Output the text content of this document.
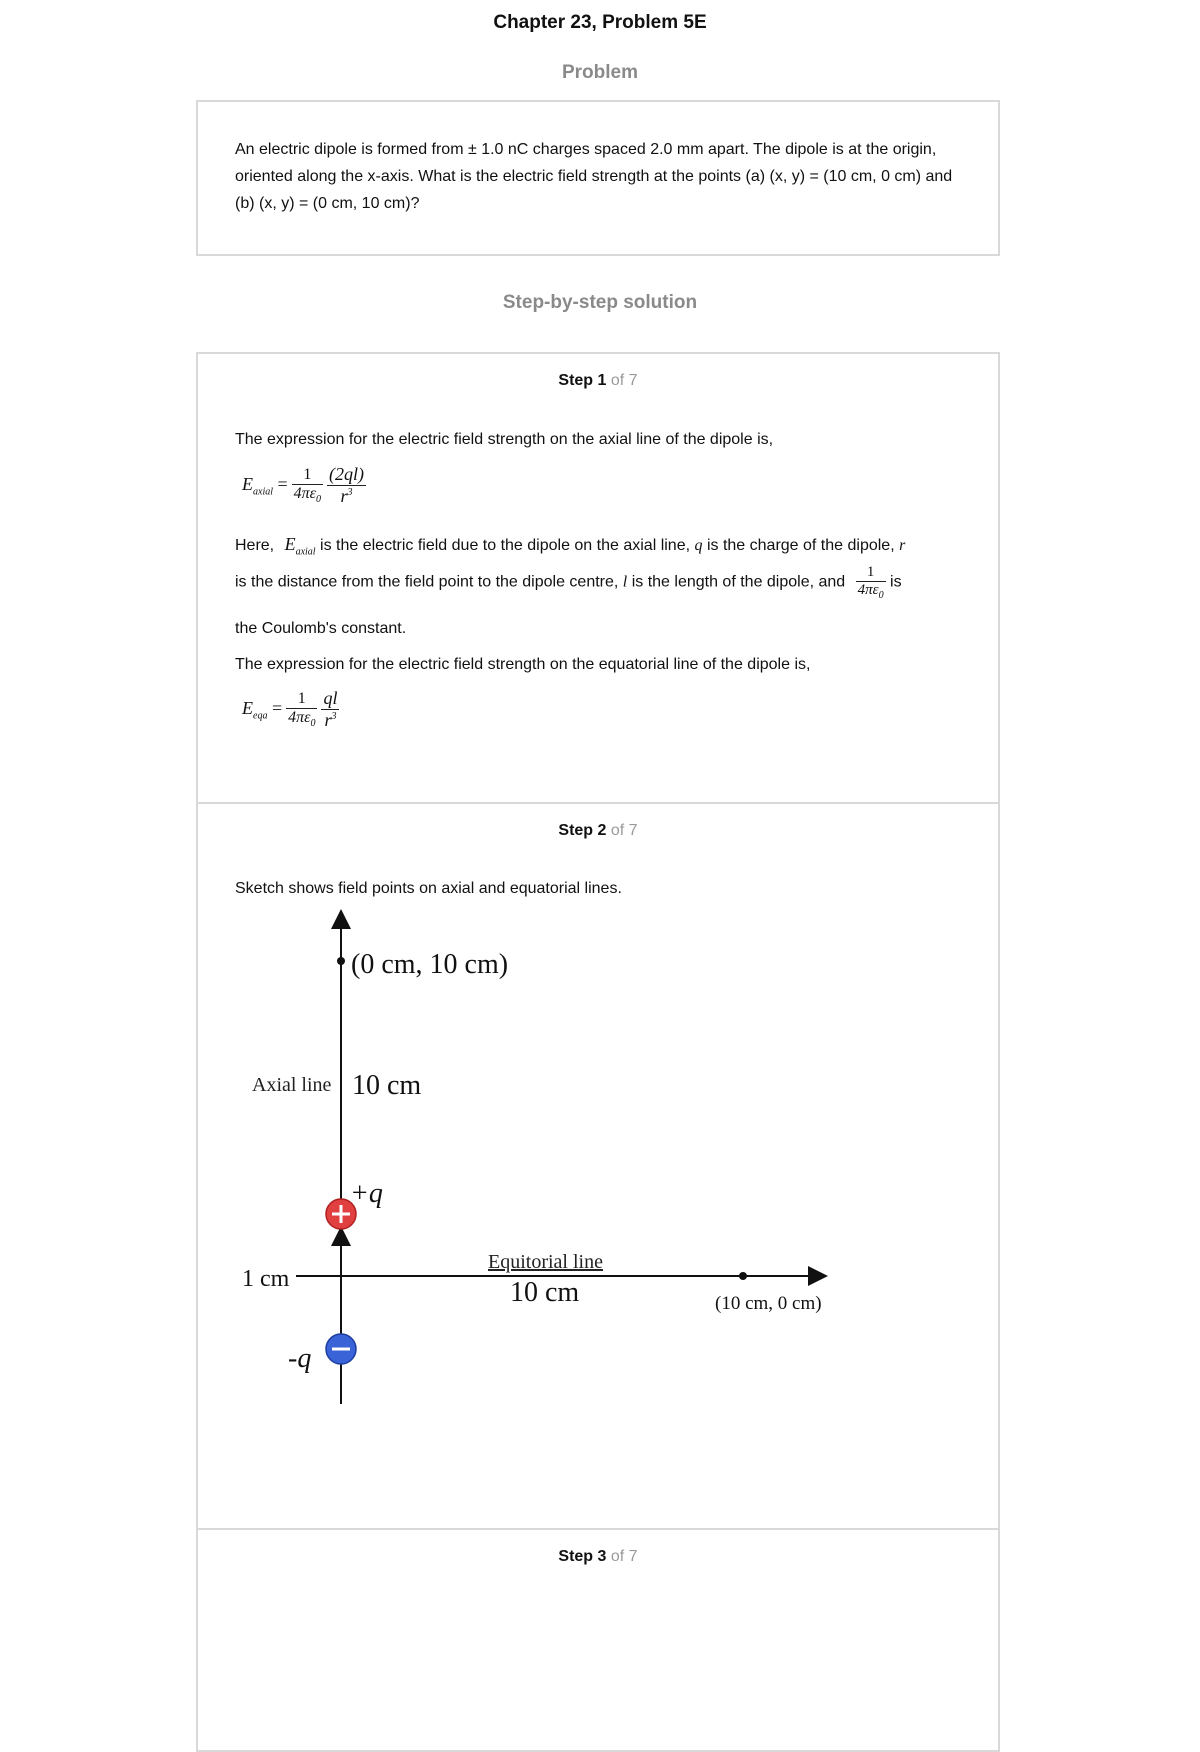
Chapter 23, Problem 5E
Problem
An electric dipole is formed from ± 1.0 nC charges spaced 2.0 mm apart. The dipole is at the origin, oriented along the x-axis. What is the electric field strength at the points (a) (x, y) = (10 cm, 0 cm) and (b) (x, y) = (0 cm, 10 cm)?
Step-by-step solution
Step 1 of 7
The expression for the electric field strength on the axial line of the dipole is,
$E_{axial} = \frac{1}{4\pi\varepsilon_0}$
$\frac{(2ql)}{r^3}$
Here, $E_{axial}$ is the electric field due to the dipole on the axial line, q is the charge of the dipole, r
is the distance from the field point to the dipole centre, l is the length of the dipole, and $\frac{1}{4\pi\varepsilon_0}$ is
the Coulomb's constant.
The expression for the electric field strength on the equatorial line of the dipole is,
$E_{eqa} = \frac{1}{4\pi\varepsilon_0}$
$\frac{ql}{r^3}$
Step 2 of 7
Sketch shows field points on axial and equatorial lines.
(0 cm, 10 cm)
Axial line 10 cm
+q
-q
1 cm
Equitorial line
10 cm	(10 cm, 0 cm)
Step 3 of 7
